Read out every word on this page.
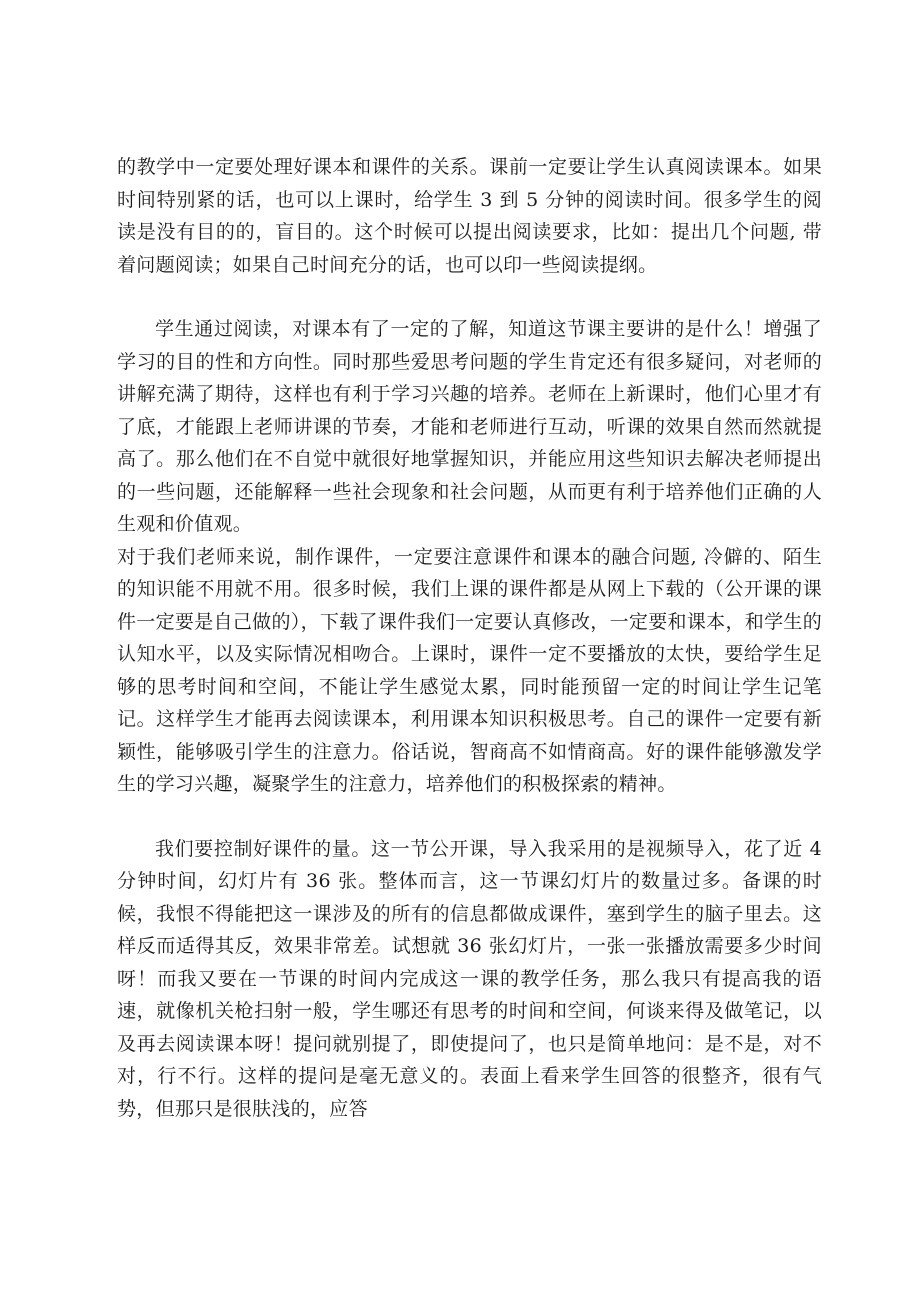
的教学中一定要处理好课本和课件的关系。课前一定要让学生认真阅读课本。如果时间特别紧的话，也可以上课时，给学生 3 到 5 分钟的阅读时间。很多学生的阅读是没有目的的，盲目的。这个时候可以提出阅读要求，比如：提出几个问题, 带着问题阅读；如果自己时间充分的话，也可以印一些阅读提纲。

学生通过阅读，对课本有了一定的了解，知道这节课主要讲的是什么！增强了学习的目的性和方向性。同时那些爱思考问题的学生肯定还有很多疑问，对老师的讲解充满了期待，这样也有利于学习兴趣的培养。老师在上新课时，他们心里才有了底，才能跟上老师讲课的节奏，才能和老师进行互动，听课的效果自然而然就提高了。那么他们在不自觉中就很好地掌握知识，并能应用这些知识去解决老师提出的一些问题，还能解释一些社会现象和社会问题，从而更有利于培养他们正确的人生观和价值观。

对于我们老师来说，制作课件，一定要注意课件和课本的融合问题, 冷僻的、陌生的知识能不用就不用。很多时候，我们上课的课件都是从网上下载的（公开课的课件一定要是自己做的），下载了课件我们一定要认真修改，一定要和课本，和学生的认知水平，以及实际情况相吻合。上课时，课件一定不要播放的太快，要给学生足够的思考时间和空间，不能让学生感觉太累，同时能预留一定的时间让学生记笔记。这样学生才能再去阅读课本，利用课本知识积极思考。自己的课件一定要有新颖性，能够吸引学生的注意力。俗话说，智商高不如情商高。好的课件能够激发学生的学习兴趣，凝聚学生的注意力，培养他们的积极探索的精神。

我们要控制好课件的量。这一节公开课，导入我采用的是视频导入，花了近 4 分钟时间，幻灯片有 36 张。整体而言，这一节课幻灯片的数量过多。备课的时候，我恨不得能把这一课涉及的所有的信息都做成课件，塞到学生的脑子里去。这样反而适得其反，效果非常差。试想就 36 张幻灯片，一张一张播放需要多少时间呀！而我又要在一节课的时间内完成这一课的教学任务，那么我只有提高我的语速，就像机关枪扫射一般，学生哪还有思考的时间和空间，何谈来得及做笔记，以及再去阅读课本呀！提问就别提了，即使提问了，也只是简单地问：是不是，对不对，行不行。这样的提问是毫无意义的。表面上看来学生回答的很整齐，很有气势，但那只是很肤浅的，应答
